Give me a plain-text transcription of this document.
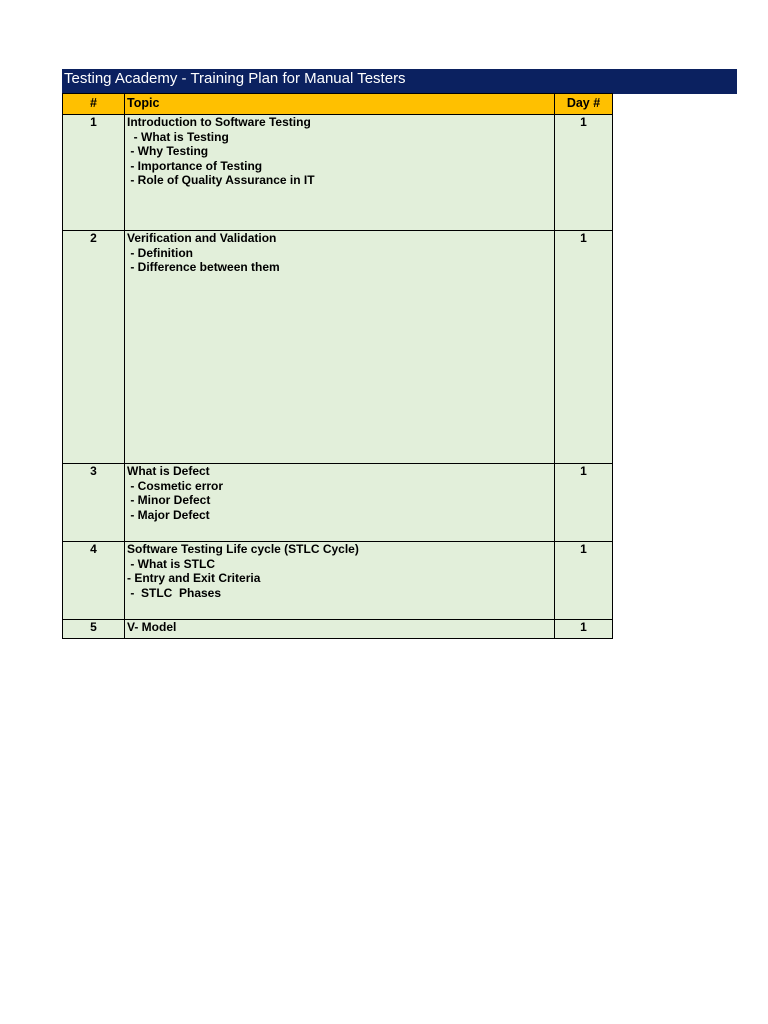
Testing Academy - Training Plan for Manual Testers
#	Topic	Day #
1	Introduction to Software Testing
- What is Testing
- Why Testing
- Importance of Testing
- Role of Quality Assurance in IT	1
2	Verification and Validation
- Definition
- Difference between them	1
3	What is Defect
- Cosmetic error
- Minor Defect
- Major Defect	1
4	Software Testing Life cycle (STLC Cycle)
- What is STLC
- Entry and Exit Criteria
-  STLC  Phases	1
5	V- Model	1
